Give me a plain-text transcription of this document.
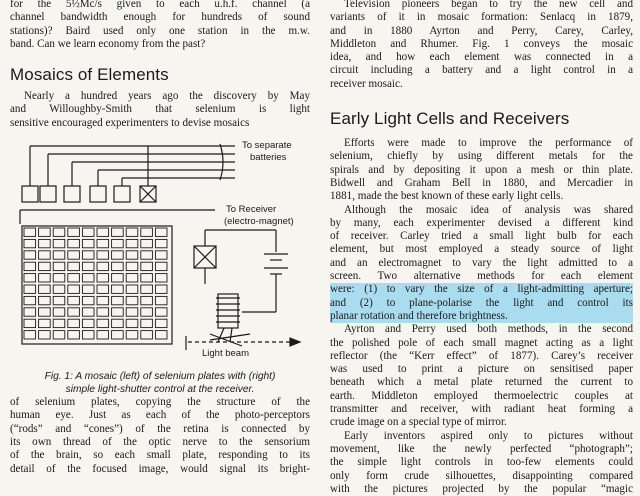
for the 5½Mc/s given to each u.h.f. channel (a
channel bandwidth enough for hundreds of sound
stations)? Baird used only one station in the m.w.
band. Can we learn economy from the past?
Mosaics of Elements
Nearly a hundred years ago the discovery by May
and Willoughby-Smith that selenium is light
sensitive encouraged experimenters to devise mosaics
To separate
batteries
To Receiver
(electro-magnet)
Light beam
Fig. 1: A mosaic (left) of selenium plates with (right)
simple light-shutter control at the receiver.
of selenium plates, copying the structure of the
human eye. Just as each of the photo-perceptors
(“rods” and “cones”) of the retina is connected by
its own thread of the optic nerve to the sensorium
of the brain, so each small plate, responding to its
detail of the focused image, would signal its bright-
Television pioneers began to try the new cell and
variants of it in mosaic formation: Senlacq in 1879,
and in 1880 Ayrton and Perry, Carey, Carley,
Middleton and Rhumer. Fig. 1 conveys the mosaic
idea, and how each element was connected in a
circuit including a battery and a light control in a
receiver mosaic.
Early Light Cells and Receivers
Efforts were made to improve the performance of
selenium, chiefly by using different metals for the
spirals and by depositing it upon a mesh or thin plate.
Bidwell and Graham Bell in 1880, and Mercadier in
1881, made the best known of these early light cells.
Although the mosaic idea of analysis was shared
by many, each experimenter devised a different kind
of receiver. Carley tried a small light bulb for each
element, but most employed a steady source of light
and an electromagnet to vary the light admitted to a
screen. Two alternative methods for each element
were: (1) to vary the size of a light-admitting aperture;
and (2) to plane-polarise the light and control its
planar rotation and therefore brightness.
Ayrton and Perry used both methods, in the second
the polished pole of each small magnet acting as a light
reflector (the “Kerr effect” of 1877). Carey’s receiver
was used to print a picture on sensitised paper
beneath which a metal plate returned the current to
earth. Middleton employed thermoelectric couples at
transmitter and receiver, with radiant heat forming a
crude image on a special type of mirror.
Early inventors aspired only to pictures without
movement, like the newly perfected “photograph”;
the simple light controls in too-few elements could
only form crude silhouettes, disappointing compared
with the pictures projected by the popular “magic
